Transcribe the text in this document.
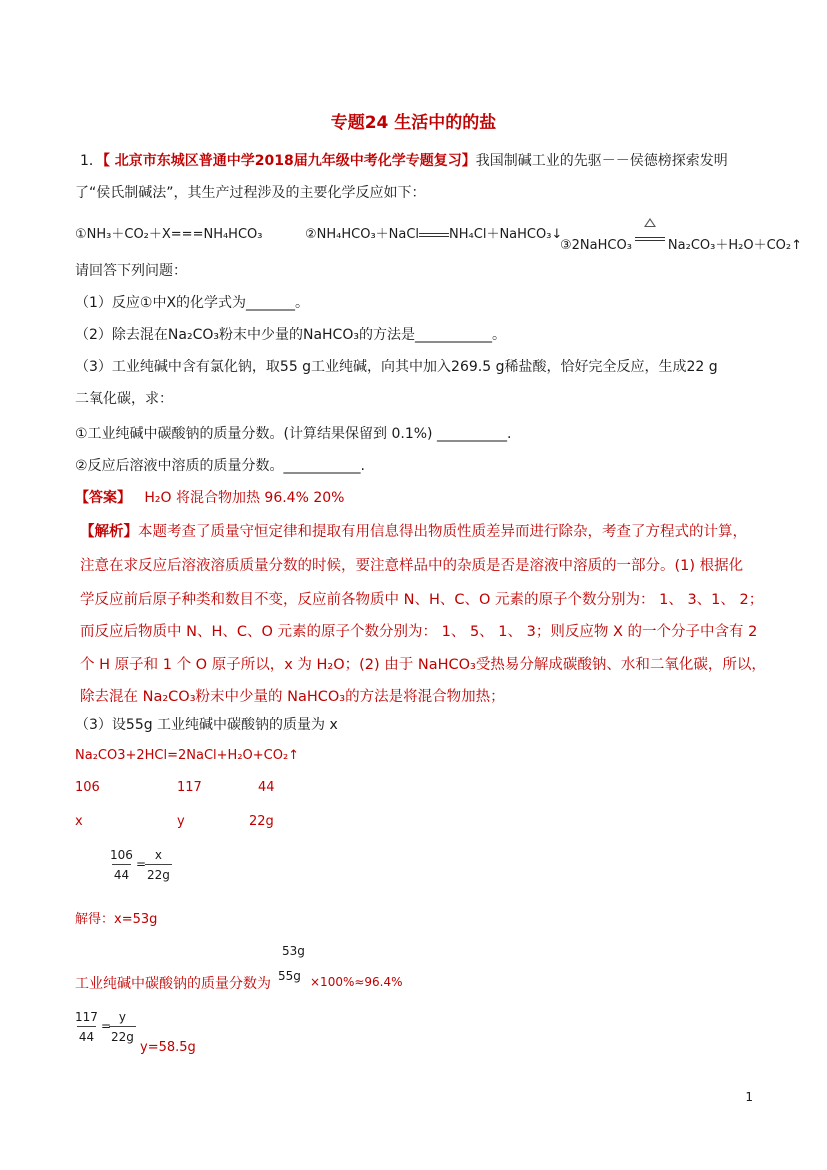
专题24 生活中的的盐
1．【 北京市东城区普通中学2018届九年级中考化学专题复习】我国制碱工业的先驱－－侯德榜探索发明
了“侯氏制碱法”，其生产过程涉及的主要化学反应如下：
①NH₃＋CO₂＋X===NH₄HCO₃	②NH₄HCO₃＋NaCl NH₄Cl＋NaHCO₃↓
③2NaHCO₃	Na₂CO₃＋H₂O＋CO₂↑
请回答下列问题：
（1）反应①中X的化学式为_______。
（2）除去混在Na₂CO₃粉末中少量的NaHCO₃的方法是___________。
（3）工业纯碱中含有氯化钠，取55 g工业纯碱，向其中加入269.5 g稀盐酸，恰好完全反应，生成22 g
二氧化碳，求：
①工业纯碱中碳酸钠的质量分数。(计算结果保留到 0.1%) __________.
②反应后溶液中溶质的质量分数。___________.
【答案】 H₂O 将混合物加热 96.4% 20%
【解析】本题考查了质量守恒定律和提取有用信息得出物质性质差异而进行除杂，考查了方程式的计算，
注意在求反应后溶液溶质质量分数的时候，要注意样品中的杂质是否是溶液中溶质的一部分。(1) 根据化
学反应前后原子种类和数目不变，反应前各物质中 N、H、C、O 元素的原子个数分别为： 1、 3、1、 2；
而反应后物质中 N、H、C、O 元素的原子个数分别为： 1、 5、 1、 3；则反应物 X 的一个分子中含有 2
个 H 原子和 1 个 O 原子所以，x 为 H₂O；(2) 由于 NaHCO₃受热易分解成碳酸钠、水和二氧化碳，所以，
除去混在 Na₂CO₃粉末中少量的 NaHCO₃的方法是将混合物加热；
（3）设55g 工业纯碱中碳酸钠的质量为 x
Na₂CO3+2HCl=2NaCl+H₂O+CO₂↑
106	117	44
x	y	22g
$\frac{106}{44}$ =
$\frac{x}{22g}$
解得：x=53g
53g
工业纯碱中碳酸钠的质量分数为 55g ×100%≈96.4%
$\frac{117}{44}$ =
$\frac{y}{22g}$
y=58.5g
1
